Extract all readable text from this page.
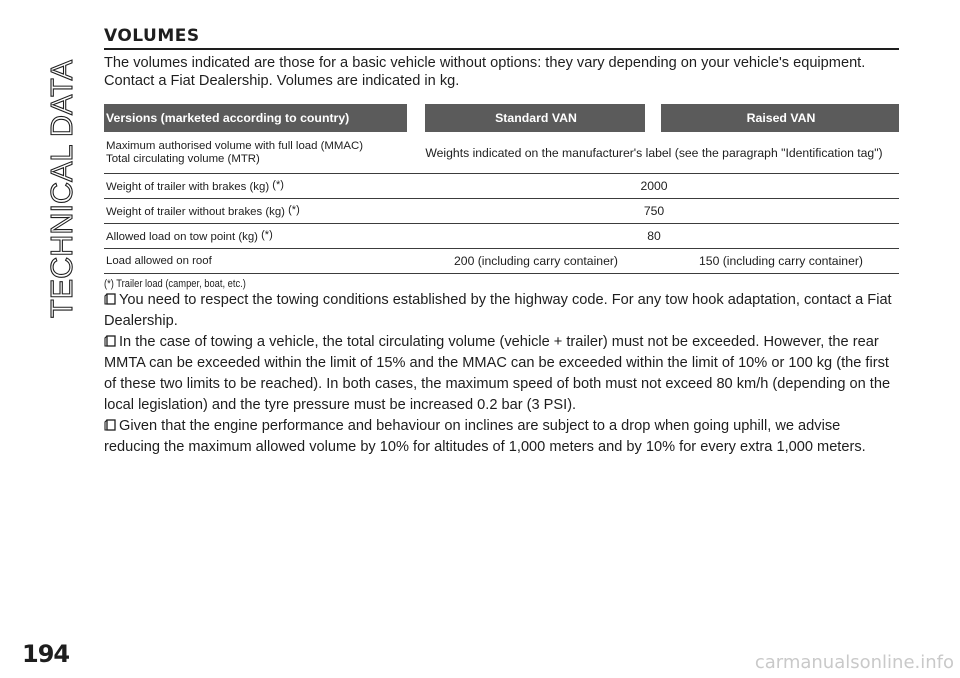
TECHNICAL DATA
VOLUMES

The volumes indicated are those for a basic vehicle without options: they vary depending on your vehicle's equipment. Contact a Fiat Dealership. Volumes are indicated in kg.

Versions (marketed according to country)		Standard VAN		Raised VAN
Maximum authorised volume with full load (MMAC)
Total circulating volume (MTR)	Weights indicated on the manufacturer's label (see the paragraph "Identification tag")			
Weight of trailer with brakes (kg) (*)	2000			
Weight of trailer without brakes (kg) (*)	750			
Allowed load on tow point (kg) (*)	80			
Load allowed on roof		200 (including carry container)		150 (including carry container)
(*) Trailer load (camper, boat, etc.)

You need to respect the towing conditions established by the highway code. For any tow hook adaptation, contact a Fiat Dealership.

In the case of towing a vehicle, the total circulating volume (vehicle + trailer) must not be exceeded. However, the rear MMTA can be exceeded within the limit of 15% and the MMAC can be exceeded within the limit of 10% or 100 kg (the first of these two limits to be reached). In both cases, the maximum speed of both must not exceed 80 km/h (depending on the local legislation) and the tyre pressure must be increased 0.2 bar (3 PSI).

Given that the engine performance and behaviour on inclines are subject to a drop when going uphill, we advise reducing the maximum allowed volume by 10% for altitudes of 1,000 meters and by 10% for every extra 1,000 meters.

194	carmanualsonline.info
